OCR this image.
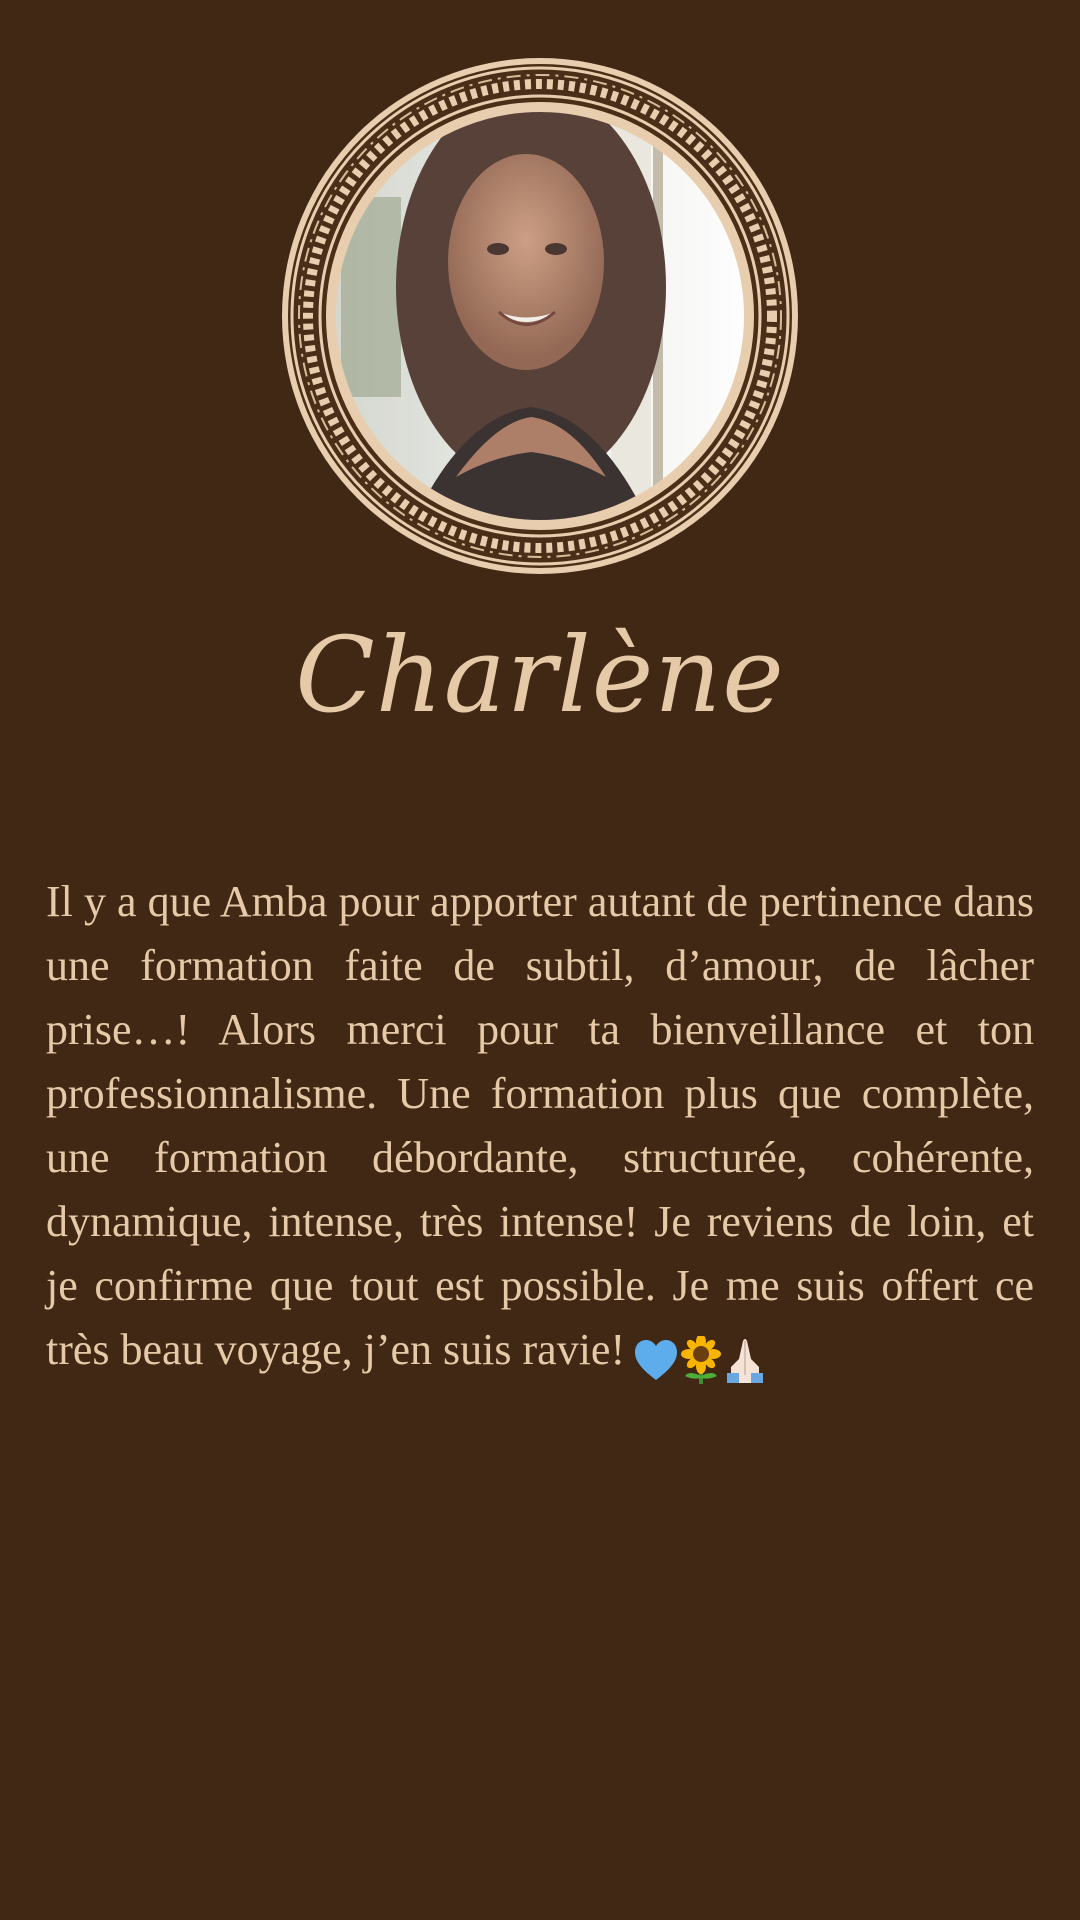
Charlène

Il y a que Amba pour apporter autant de pertinence dans une formation faite de subtil, d’amour, de lâcher prise…! Alors merci pour ta bienveillance et ton professionnalisme. Une formation plus que complète, une formation débordante, structurée, cohérente, dynamique, intense, très intense! Je reviens de loin, et je confirme que tout est possible. Je me suis offert ce très beau voyage, j’en suis ravie!
